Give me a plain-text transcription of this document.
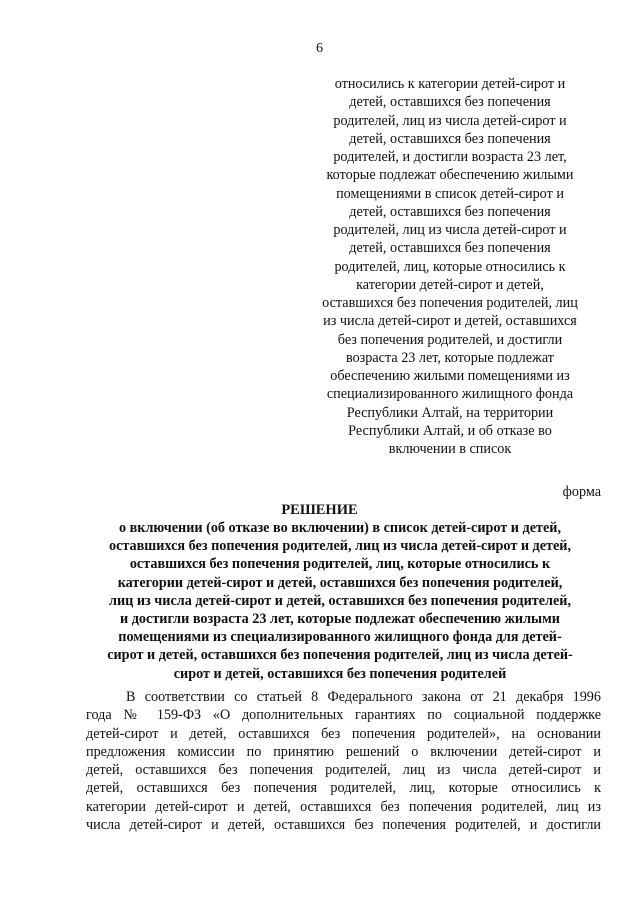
6
относились к категории детей-сирот и
детей, оставшихся без попечения
родителей, лиц из числа детей-сирот и
детей, оставшихся без попечения
родителей, и достигли возраста 23 лет,
которые подлежат обеспечению жилыми
помещениями в список детей-сирот и
детей, оставшихся без попечения
родителей, лиц из числа детей-сирот и
детей, оставшихся без попечения
родителей, лиц, которые относились к
категории детей-сирот и детей,
оставшихся без попечения родителей, лиц
из числа детей-сирот и детей, оставшихся
без попечения родителей, и достигли
возраста 23 лет, которые подлежат
обеспечению жилыми помещениями из
специализированного жилищного фонда
Республики Алтай, на территории
Республики Алтай, и об отказе во
включении в список
форма
РЕШЕНИЕ
о включении (об отказе во включении) в список детей-сирот и детей,
оставшихся без попечения родителей, лиц из числа детей-сирот и детей,
оставшихся без попечения родителей, лиц, которые относились к
категории детей-сирот и детей, оставшихся без попечения родителей,
лиц из числа детей-сирот и детей, оставшихся без попечения родителей,
и достигли возраста 23 лет, которые подлежат обеспечению жилыми
помещениями из специализированного жилищного фонда для детей-
сирот и детей, оставшихся без попечения родителей, лиц из числа детей-
сирот и детей, оставшихся без попечения родителей
В соответствии со статьей 8 Федерального закона от 21 декабря 1996
года № 159-ФЗ «О дополнительных гарантиях по социальной поддержке
детей-сирот и детей, оставшихся без попечения родителей», на основании
предложения комиссии по принятию решений о включении детей-сирот и
детей, оставшихся без попечения родителей, лиц из числа детей-сирот и
детей, оставшихся без попечения родителей, лиц, которые относились к
категории детей-сирот и детей, оставшихся без попечения родителей, лиц из
числа детей-сирот и детей, оставшихся без попечения родителей, и достигли
